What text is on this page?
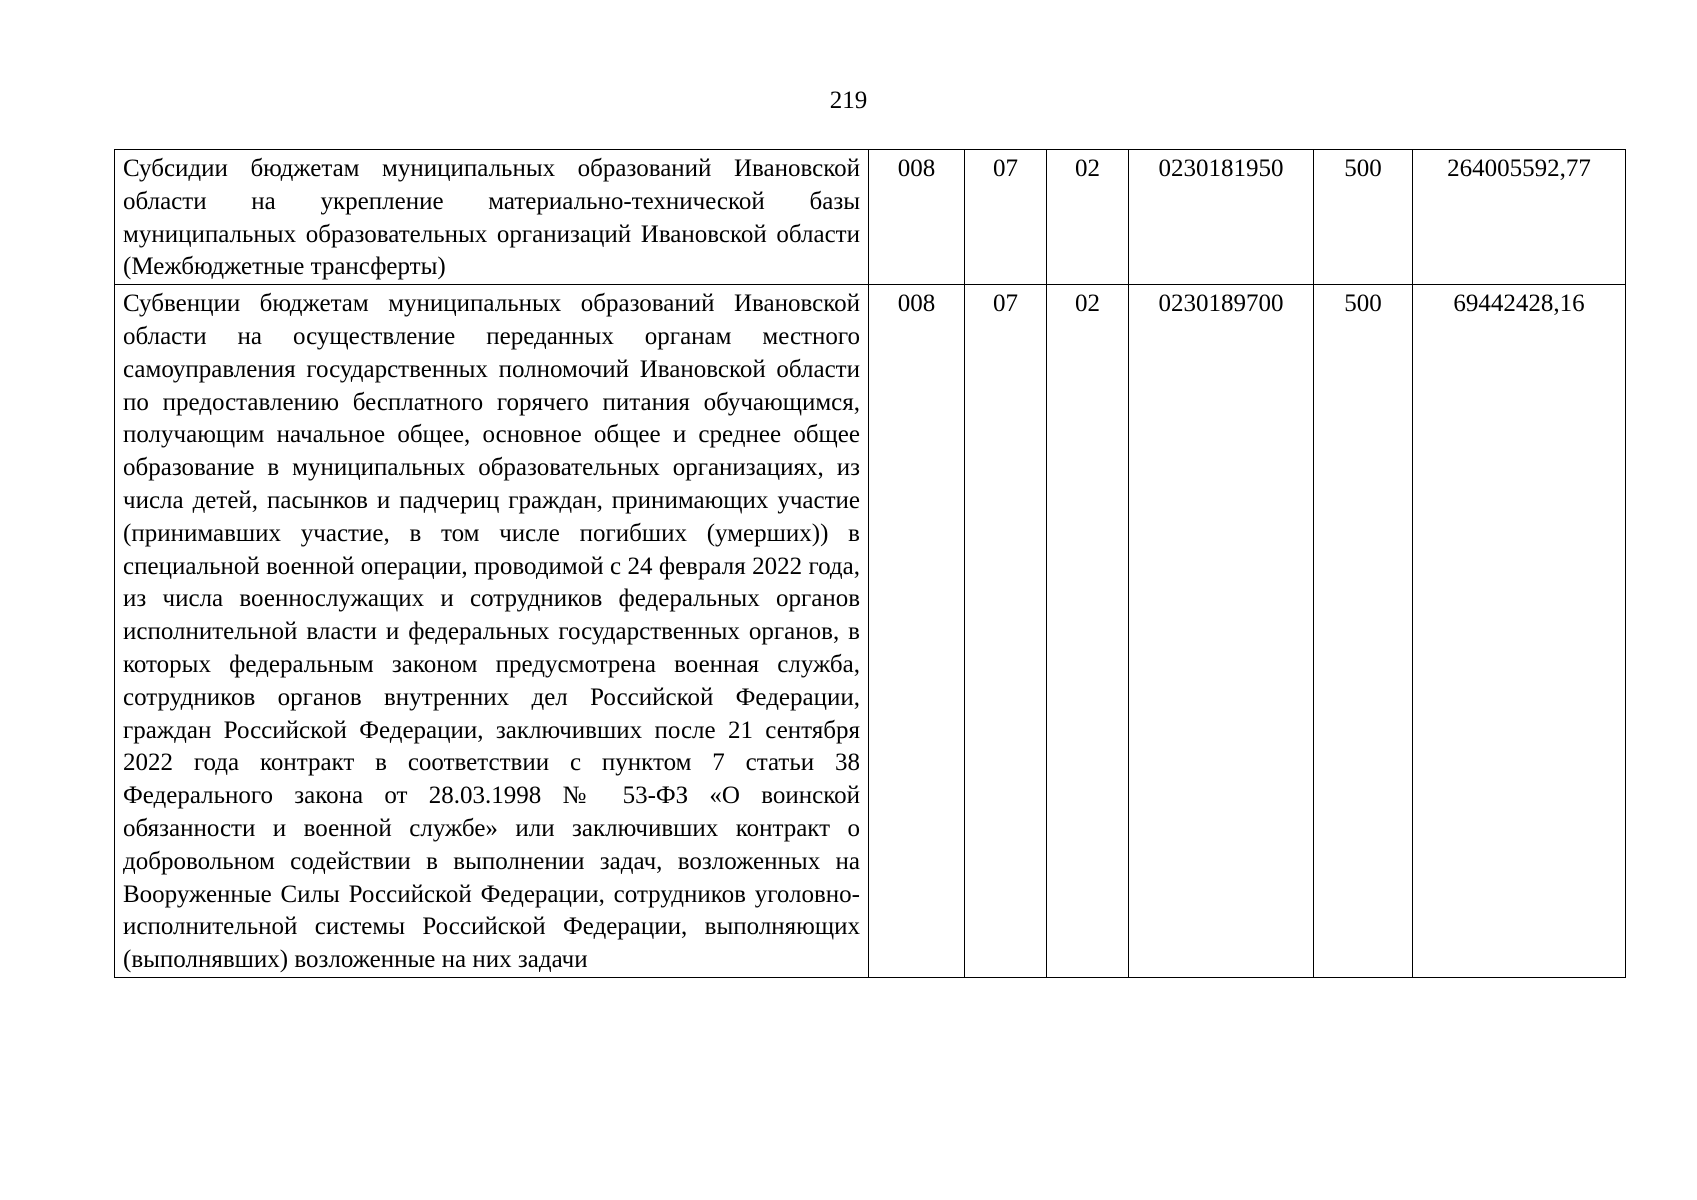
219
Субсидии бюджетам муниципальных образований Ивановской области на укрепление материально-технической базы муниципальных образовательных организаций Ивановской области (Межбюджетные трансферты)	008	07	02	0230181950	500	264005592,77
Субвенции бюджетам муниципальных образований Ивановской области на осуществление переданных органам местного самоуправления государственных полномочий Ивановской области по предоставлению бесплатного горячего питания обучающимся, получающим начальное общее, основное общее и среднее общее образование в муниципальных образовательных организациях, из числа детей, пасынков и падчериц граждан, принимающих участие (принимавших участие, в том числе погибших (умерших)) в специальной военной операции, проводимой с 24 февраля 2022 года, из числа военнослужащих и сотрудников федеральных органов исполнительной власти и федеральных государственных органов, в которых федеральным законом предусмотрена военная служба, сотрудников органов внутренних дел Российской Федерации, граждан Российской Федерации, заключивших после 21 сентября 2022 года контракт в соответствии с пунктом 7 статьи 38 Федерального закона от 28.03.1998 № 53-ФЗ «О воинской обязанности и военной службе» или заключивших контракт о добровольном содействии в выполнении задач, возложенных на Вооруженные Силы Российской Федерации, сотрудников уголовно-исполнительной системы Российской Федерации, выполняющих (выполнявших) возложенные на них задачи	008	07	02	0230189700	500	69442428,16
